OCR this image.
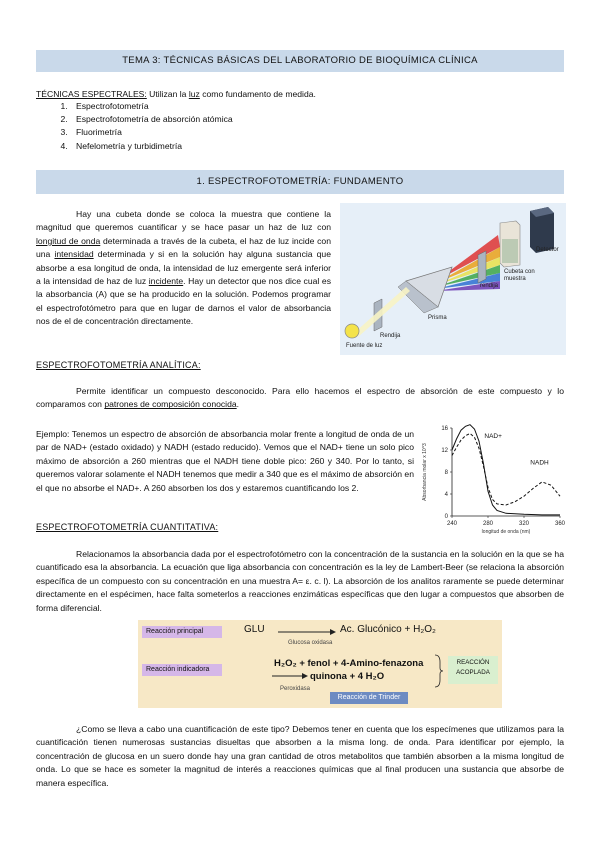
TEMA 3: TÉCNICAS BÁSICAS DEL LABORATORIO DE BIOQUÍMICA CLÍNICA
TÉCNICAS ESPECTRALES: Utilizan la luz como fundamento de medida.
1. Espectrofotometría
2. Espectrofotometría de absorción atómica
3. Fluorimetría
4. Nefelometría y turbidimetría
1. ESPECTROFOTOMETRÍA: FUNDAMENTO
Hay una cubeta donde se coloca la muestra que contiene la magnitud que queremos cuantificar y se hace pasar un haz de luz con longitud de onda determinada a través de la cubeta, el haz de luz incide con una intensidad determinada y si en la solución hay alguna sustancia que absorbe a esa longitud de onda, la intensidad de luz emergente será inferior a la intensidad de haz de luz incidente. Hay un detector que nos dice cual es la absorbancia (A) que se ha producido en la solución. Podemos programar el espectrofotómetro para que en lugar de darnos el valor de absorbancia nos de el de concentración directamente.
Detector
Cubeta con muestra
rendija
Prisma
Rendija
Fuente de luz
ESPECTROFOTOMETRÍA ANALÍTICA:
Permite identificar un compuesto desconocido. Para ello hacemos el espectro de absorción de este compuesto y lo comparamos con patrones de composición conocida.
Ejemplo: Tenemos un espectro de absorción de absorbancia molar frente a longitud de onda de un par de NAD+ (estado oxidado) y NADH (estado reducido). Vemos que el NAD+ tiene un solo pico máximo de absorción a 260 mientras que el NADH tiene doble pico: 260 y 340. Por lo tanto, si queremos valorar solamente el NADH tenemos que medir a 340 que es el máximo de absorción en el que no absorbe el NAD+. A 260 absorben los dos y estaremos cuantificando los 2.
240	280	320	360
0
4
8
12
16
NAD+
NADH
longitud de onda (nm)
Absorbancia molar x 10^3
ESPECTROFOTOMETRÍA CUANTITATIVA:
Relacionamos la absorbancia dada por el espectrofotómetro con la concentración de la sustancia en la solución en la que se ha cuantificado esa la absorbancia. La ecuación que liga absorbancia con concentración es la ley de Lambert-Beer (se relaciona la absorción específica de un compuesto con su concentración en una muestra A= ε. c. l). La absorción de los analitos raramente se puede determinar directamente en el espécimen, hace falta someterlos a reacciones enzimáticas específicas que den lugar a compuestos que absorben de forma diferencial.
Reacción principal
Reacción indicadora
GLU	Ac. Glucónico + H₂O₂
Glucosa oxidasa
H₂O₂ + fenol + 4-Amino-fenazona
quinona + 4 H₂O
Peroxidasa
Reacción de Trinder
REACCIÓN
ACOPLADA
¿Como se lleva a cabo una cuantificación de este tipo? Debemos tener en cuenta que los especímenes que utilizamos para la cuantificación tienen numerosas sustancias disueltas que absorben a la misma long. de onda. Para identificar por ejemplo, la concentración de glucosa en un suero donde hay una gran cantidad de otros metabolitos que también absorben a la misma longitud de onda. Lo que se hace es someter la magnitud de interés a reacciones químicas que al final producen una sustancia que absorbe de manera específica.
